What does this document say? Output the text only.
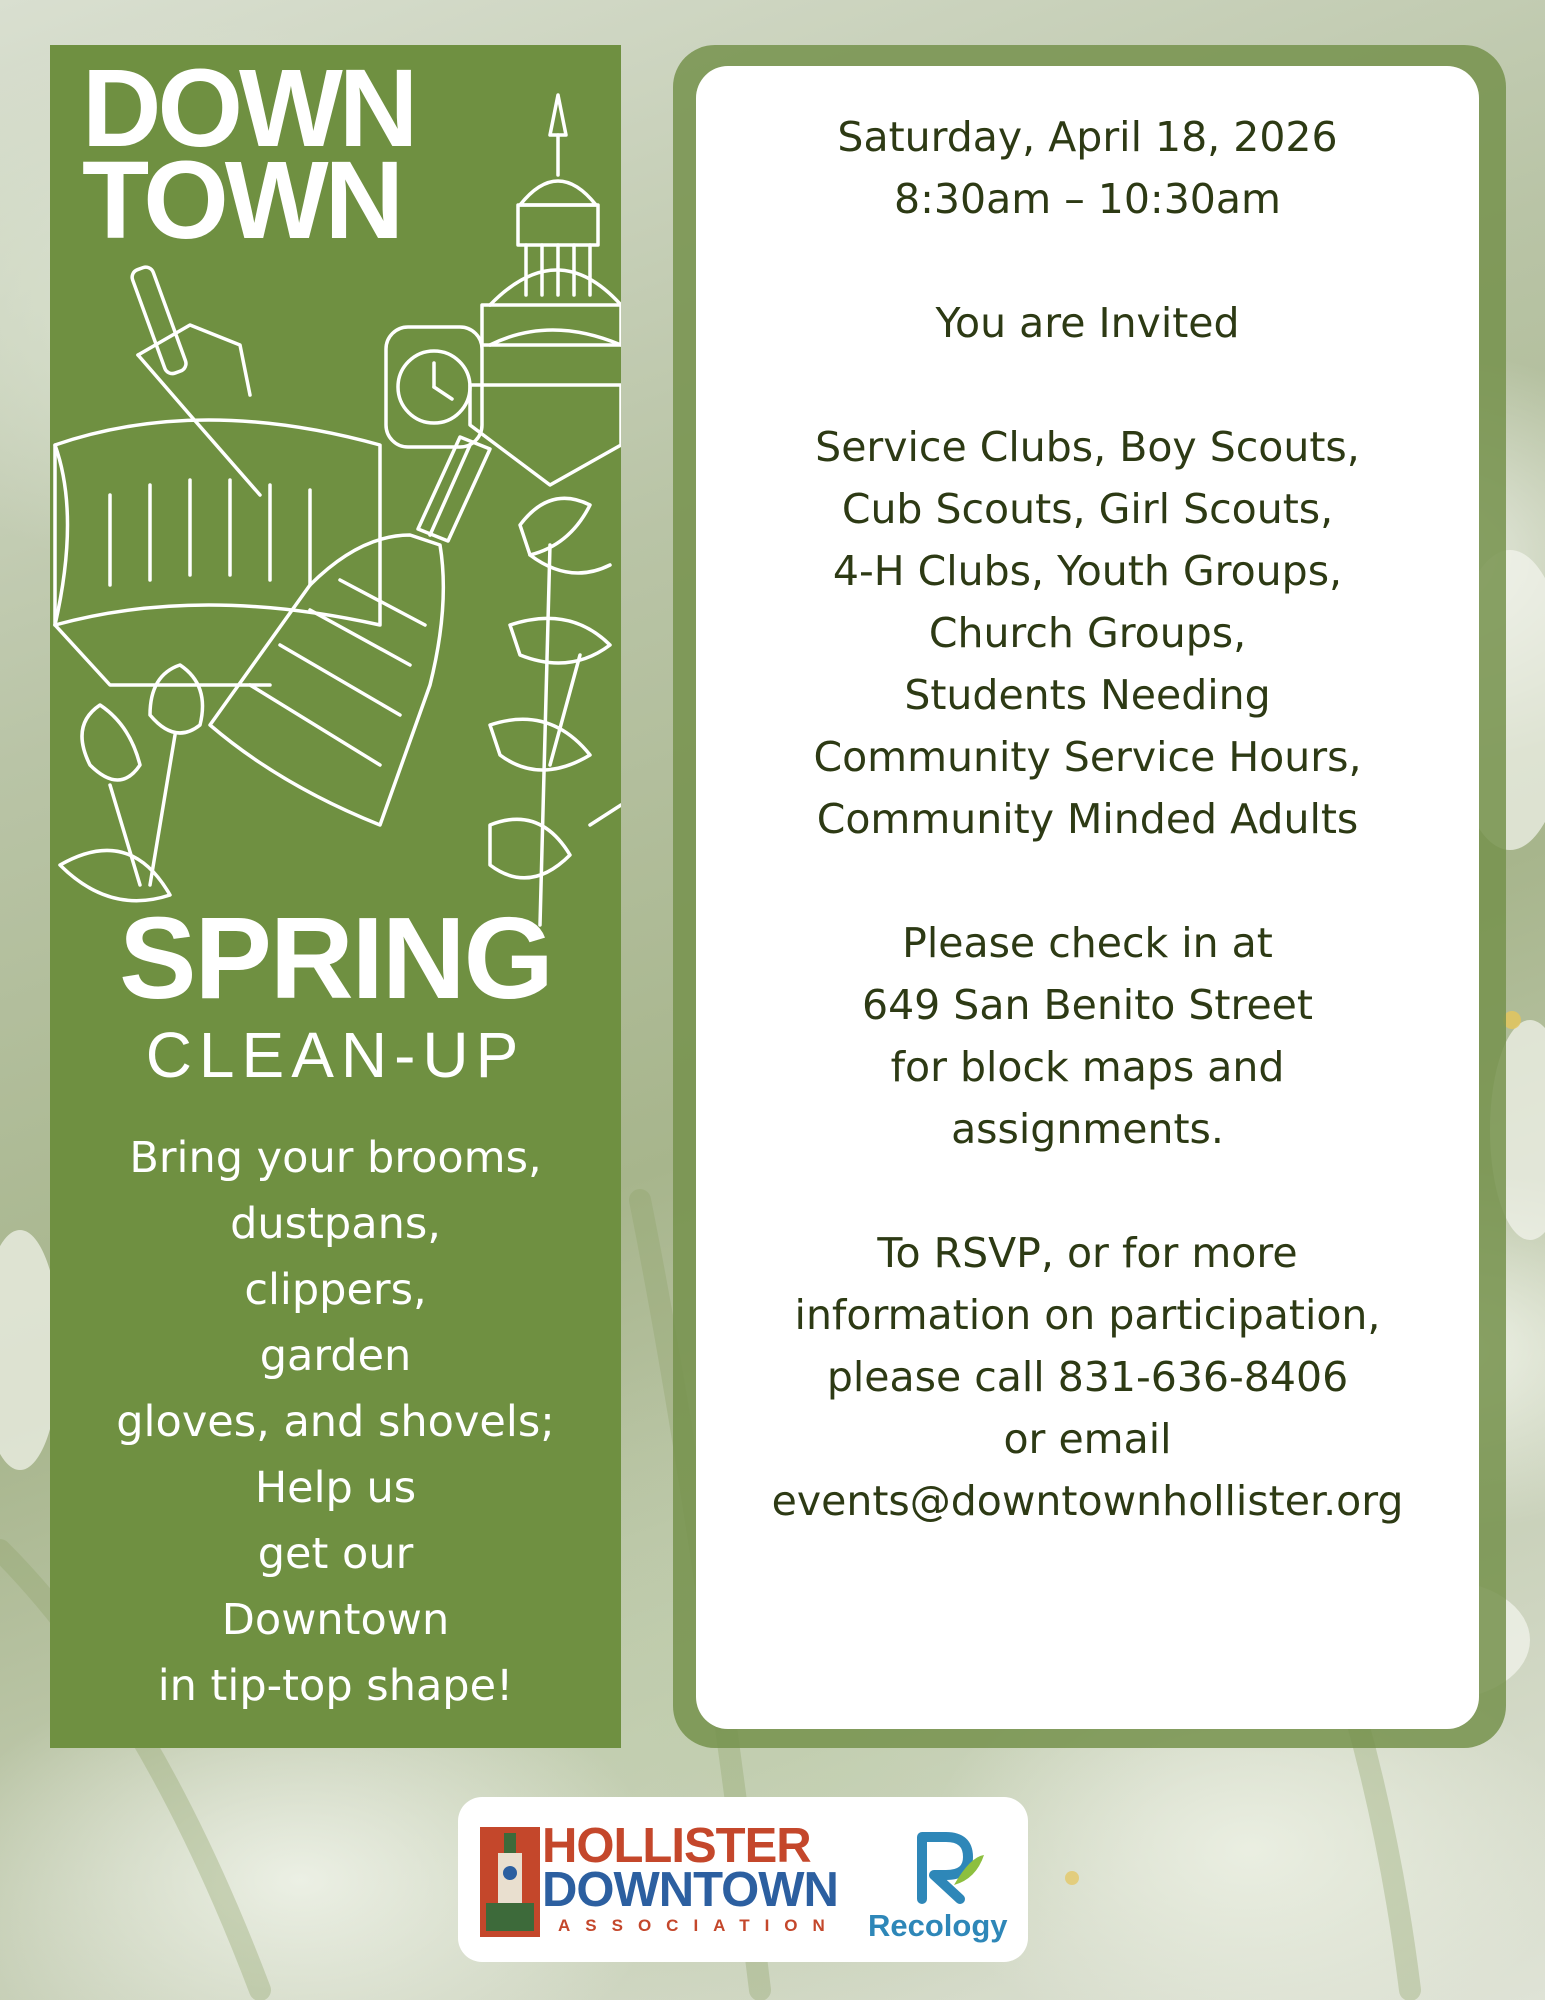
DOWN
TOWN
SPRING
CLEAN-UP
Bring your brooms,
dustpans,
clippers,
garden
gloves, and shovels;
Help us
get our
Downtown
in tip-top shape!
Saturday, April 18, 2026
8:30am – 10:30am
You are Invited
Service Clubs, Boy Scouts,
Cub Scouts, Girl Scouts,
4-H Clubs, Youth Groups,
Church Groups,
Students Needing
Community Service Hours,
Community Minded Adults
Please check in at
649 San Benito Street
for block maps and
assignments.
To RSVP, or for more
information on participation,
please call 831-636-8406
or email
events@downtownhollister.org
HOLLISTER
DOWNTOWN
ASSOCIATION Recology
